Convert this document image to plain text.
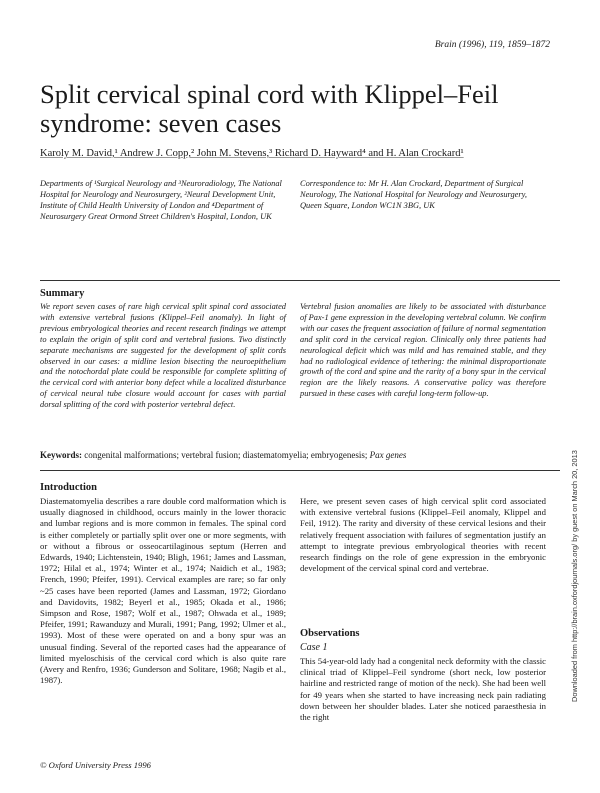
Brain (1996), 119, 1859–1872
Split cervical spinal cord with Klippel–Feil syndrome: seven cases
Karoly M. David,¹ Andrew J. Copp,² John M. Stevens,³ Richard D. Hayward⁴ and H. Alan Crockard¹

Departments of ¹Surgical Neurology and ³Neuroradiology, The National Hospital for Neurology and Neurosurgery, ²Neural Development Unit, Institute of Child Health University of London and ⁴Department of Neurosurgery Great Ormond Street Children's Hospital, London, UK

Correspondence to: Mr H. Alan Crockard, Department of Surgical Neurology, The National Hospital for Neurology and Neurosurgery, Queen Square, London WC1N 3BG, UK

Summary

We report seven cases of rare high cervical split spinal cord associated with extensive vertebral fusions (Klippel–Feil anomaly). In light of previous embryological theories and recent research findings we attempt to explain the origin of split cord and vertebral fusions. Two distinctly separate mechanisms are suggested for the development of split cords observed in our cases: a midline lesion bisecting the neuroepithelium and the notochordal plate could be responsible for complete splitting of the cervical cord with anterior bony defect while a localized disturbance of cervical neural tube closure would account for cases with partial dorsal splitting of the cord with posterior vertebral defect.

Vertebral fusion anomalies are likely to be associated with disturbance of Pax-1 gene expression in the developing vertebral column. We confirm with our cases the frequent association of failure of normal segmentation and split cord in the cervical region. Clinically only three patients had neurological deficit which was mild and has remained stable, and they had no radiological evidence of tethering: the minimal disproportionate growth of the cord and spine and the rarity of a bony spur in the cervical region are the likely reasons. A conservative policy was therefore pursued in these cases with careful long-term follow-up.

Keywords: congenital malformations; vertebral fusion; diastematomyelia; embryogenesis; Pax genes
Introduction

Diastematomyelia describes a rare double cord malformation which is usually diagnosed in childhood, occurs mainly in the lower thoracic and lumbar regions and is more common in females. The spinal cord is either completely or partially split over one or more segments, with or without a fibrous or osseocartilaginous septum (Herren and Edwards, 1940; Lichtenstein, 1940; Bligh, 1961; James and Lassman, 1972; Hilal et al., 1974; Winter et al., 1974; Naidich et al., 1983; French, 1990; Pfeifer, 1991). Cervical examples are rare; so far only ~25 cases have been reported (James and Lassman, 1972; Giordano and Davidovits, 1982; Beyerl et al., 1985; Okada et al., 1986; Simpson and Rose, 1987; Wolf et al., 1987; Ohwada et al., 1989; Pfeifer, 1991; Rawanduzy and Murali, 1991; Pang, 1992; Ulmer et al., 1993). Most of these were operated on and a bony spur was an unusual finding. Several of the reported cases had the appearance of limited myeloschisis of the cervical cord which is also quite rare (Avery and Renfro, 1936; Gunderson and Solitare, 1968; Nagib et al., 1987).

Here, we present seven cases of high cervical split cord associated with extensive vertebral fusions (Klippel–Feil anomaly, Klippel and Feil, 1912). The rarity and diversity of these cervical lesions and their relatively frequent association with failures of segmentation justify an attempt to integrate previous embryological theories with recent research findings on the role of gene expression in the embryonic development of the cervical spinal cord and vertebrae.

Observations
Case 1

This 54-year-old lady had a congenital neck deformity with the classic clinical triad of Klippel–Feil syndrome (short neck, low posterior hairline and restricted range of motion of the neck). She had been well for 49 years when she started to have increasing neck pain radiating down between her shoulder blades. Later she noticed paraesthesia in the right

© Oxford University Press 1996
Downloaded from http://brain.oxfordjournals.org/ by guest on March 20, 2013
